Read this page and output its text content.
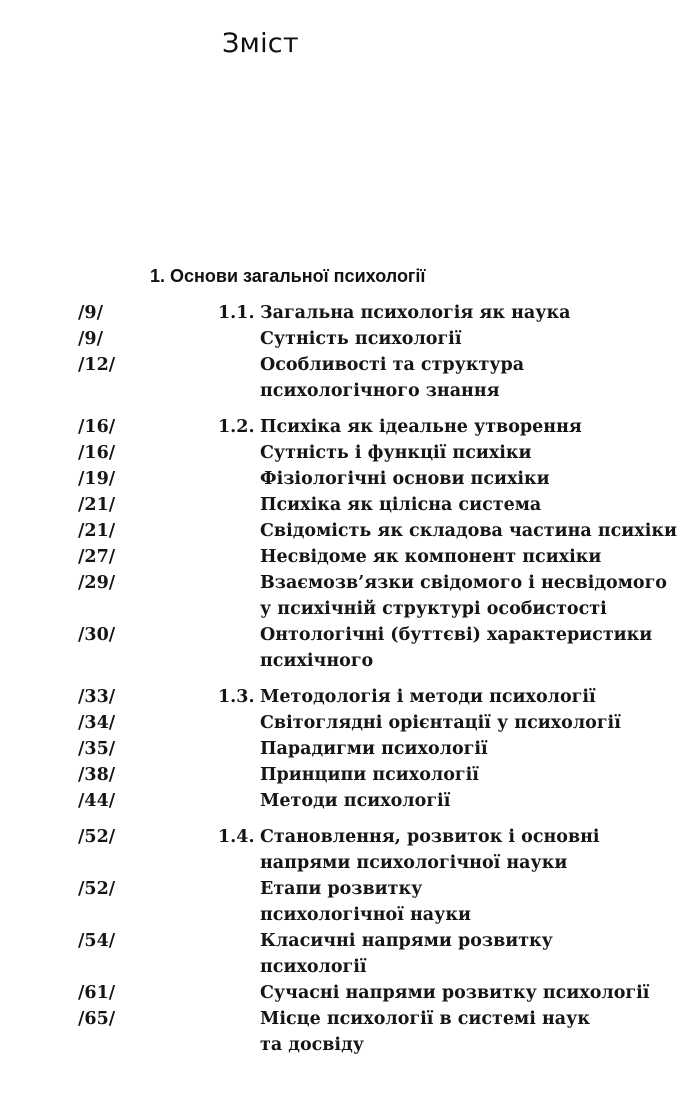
Зміст
1. Основи загальної психології
/9/	1.1. Загальна психологія як наука
/9/	Сутність психології
/12/	Особливості та структура
психологічного знання
/16/	1.2. Психіка як ідеальне утворення
/16/	Сутність і функції психіки
/19/	Фізіологічні основи психіки
/21/	Психіка як цілісна система
/21/	Свідомість як складова частина психіки
/27/	Несвідоме як компонент психіки
/29/	Взаємозв’язки свідомого і несвідомого
у психічній структурі особистості
/30/	Онтологічні (буттєві) характеристики
психічного
/33/	1.3. Методологія і методи психології
/34/	Світоглядні орієнтації у психології
/35/	Парадигми психології
/38/	Принципи психології
/44/	Методи психології
/52/	1.4. Становлення, розвиток і основні
напрями психологічної науки
/52/	Етапи розвитку
психологічної науки
/54/	Класичні напрями розвитку
психології
/61/	Сучасні напрями розвитку психології
/65/	Місце психології в системі наук
та досвіду
